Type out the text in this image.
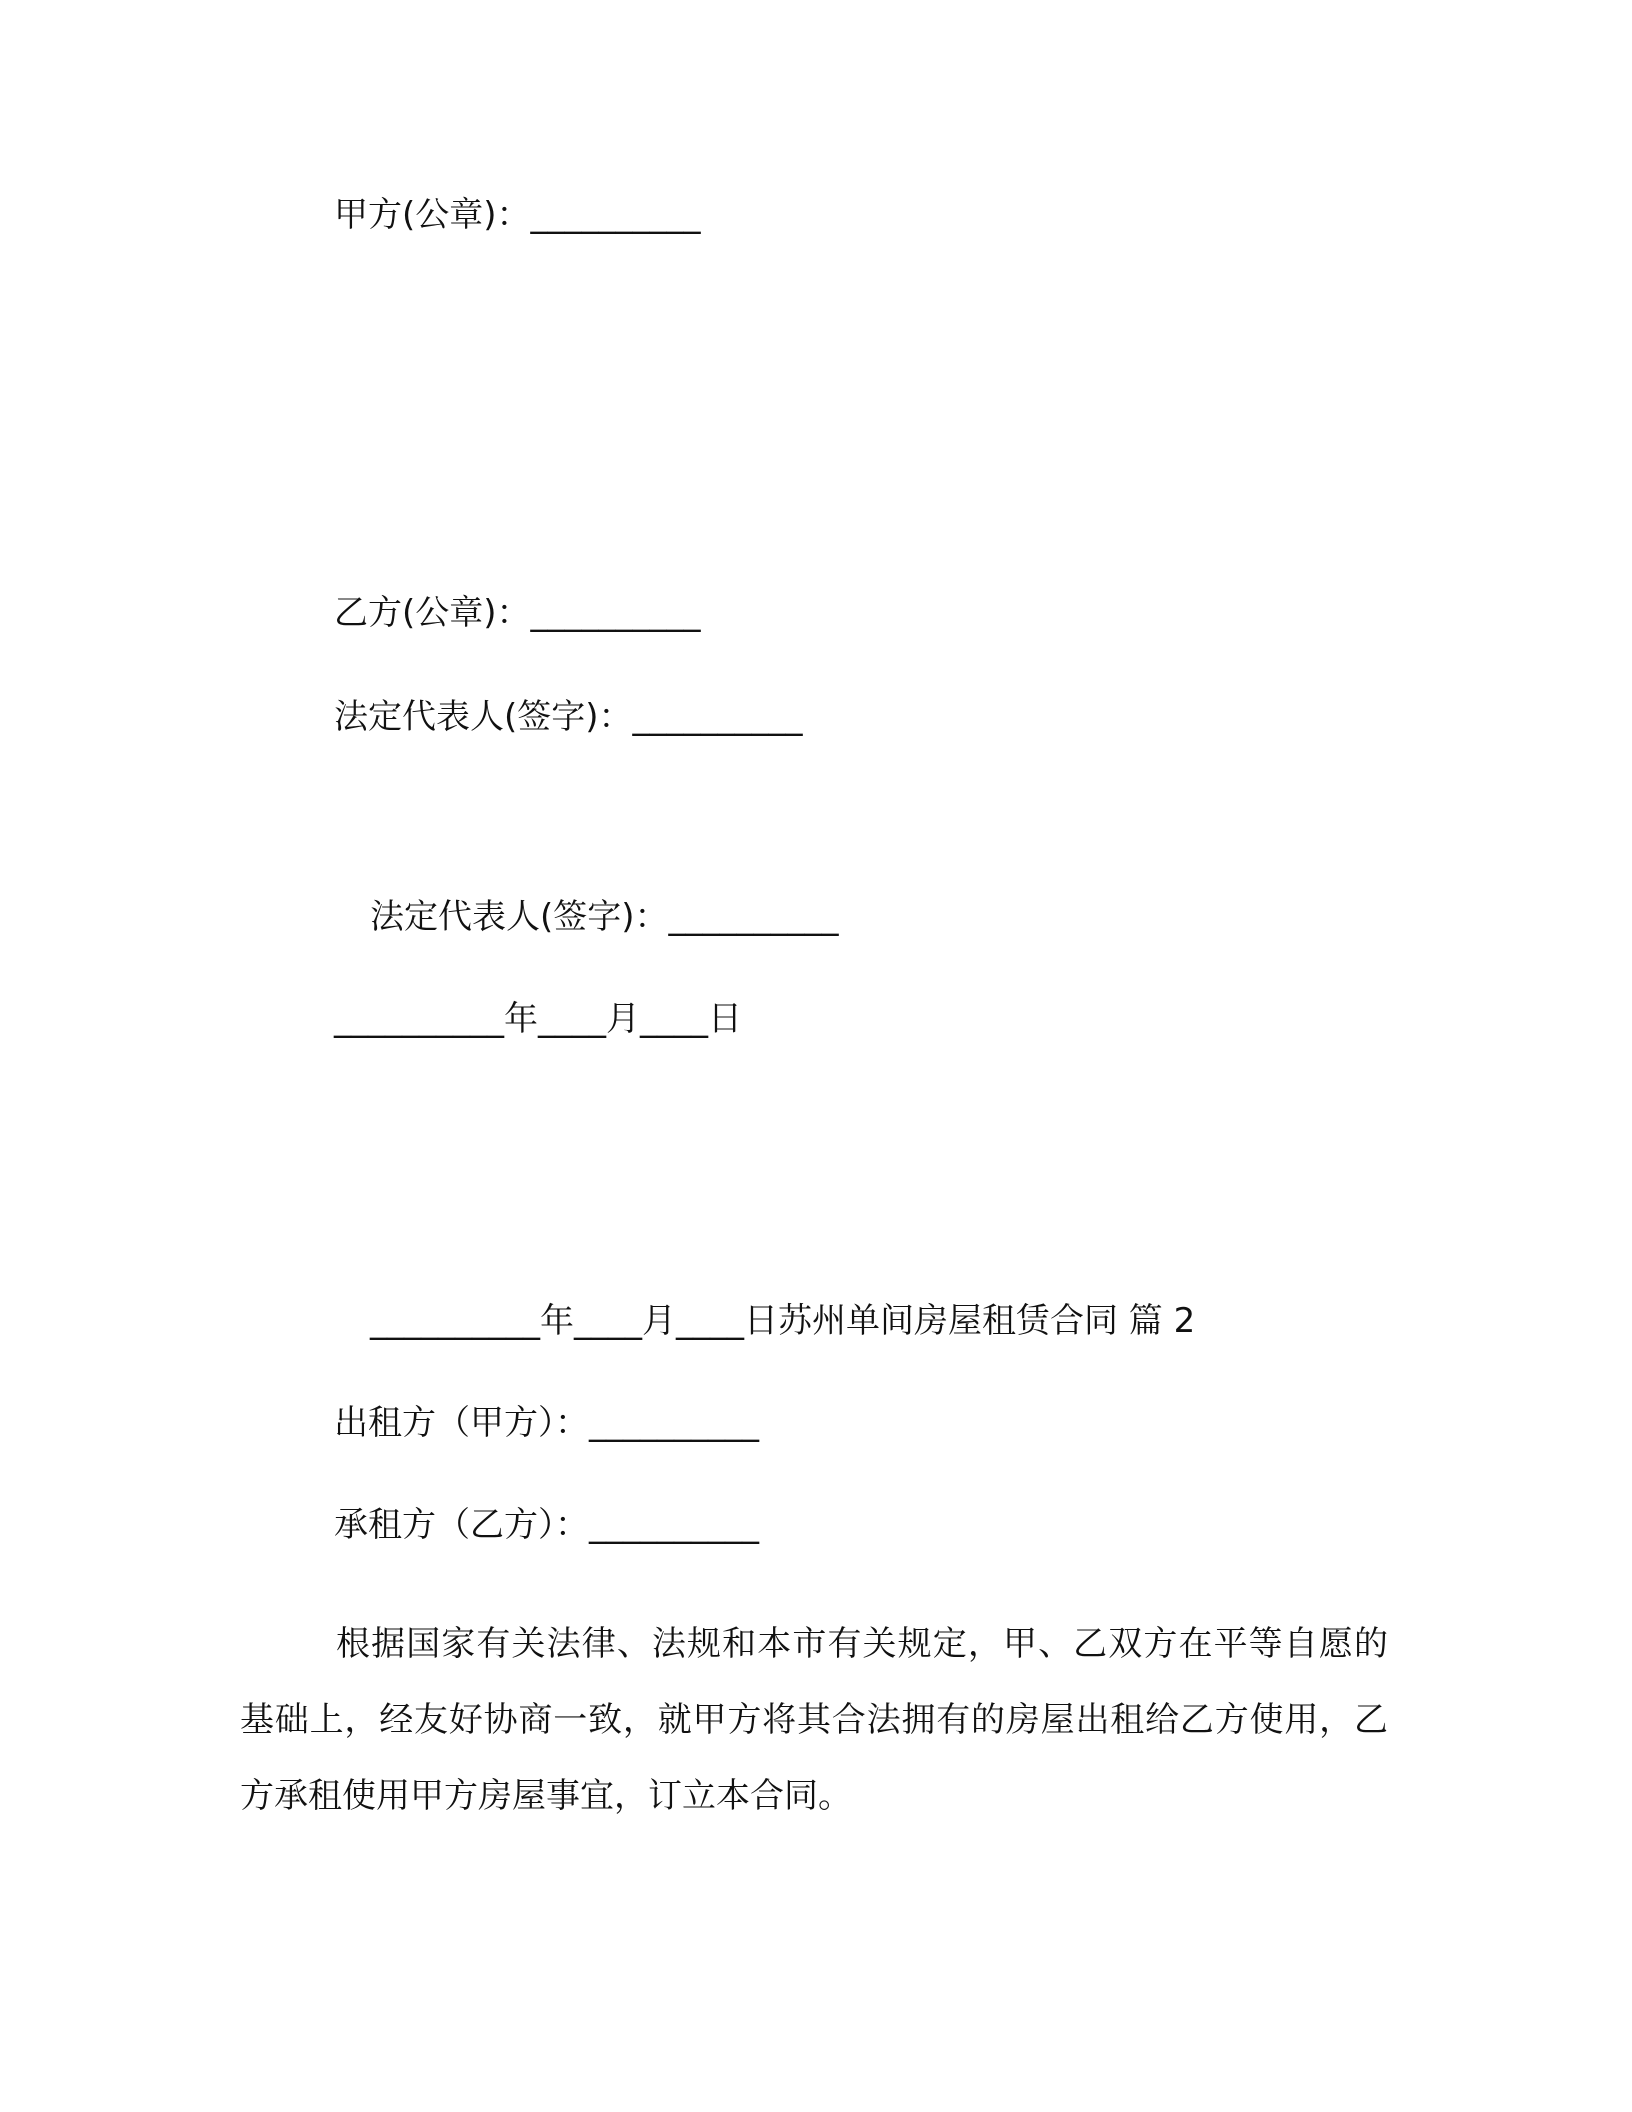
甲方(公章)：__________

乙方(公章)：__________

法定代表人(签字)：__________

法定代表人(签字)：__________

__________年____月____日

__________年____月____日苏州单间房屋租赁合同 篇 2

出租方（甲方）：__________

承租方（乙方）：__________

根据国家有关法律、法规和本市有关规定，甲、乙双方在平等自愿的基础上，经友好协商一致，就甲方将其合法拥有的房屋出租给乙方使用，乙方承租使用甲方房屋事宜，订立本合同。
